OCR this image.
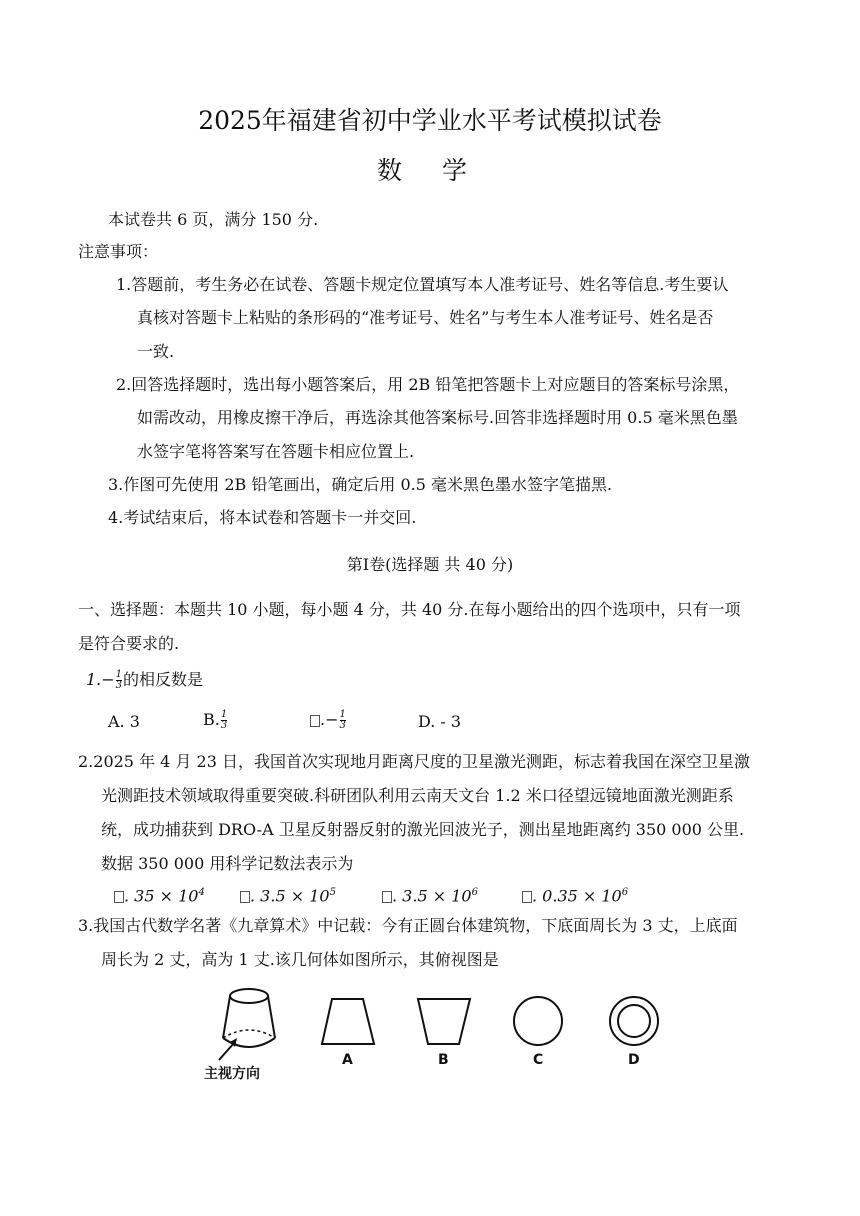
2025年福建省初中学业水平考试模拟试卷
数 学
本试卷共 6 页，满分 150 分.
注意事项：
1.答题前，考生务必在试卷、答题卡规定位置填写本人准考证号、姓名等信息.考生要认
真核对答题卡上粘贴的条形码的“准考证号、姓名”与考生本人准考证号、姓名是否
一致.
2.回答选择题时，选出每小题答案后，用 2B 铅笔把答题卡上对应题目的答案标号涂黑，
如需改动，用橡皮擦干净后，再选涂其他答案标号.回答非选择题时用 0.5 毫米黑色墨
水签字笔将答案写在答题卡相应位置上.
3.作图可先使用 2B 铅笔画出，确定后用 0.5 毫米黑色墨水签字笔描黑.
4.考试结束后，将本试卷和答题卡一并交回.
第Ⅰ卷(选择题 共 40 分)
一、选择题：本题共 10 小题，每小题 4 分，共 40 分.在每小题给出的四个选项中，只有一项
是符合要求的.
$1.- \frac{1}{3}$ 的相反数是
A. 3	B. $\frac{1}{3}$	.− $\frac{1}{3}$	D. - 3
2.2025 年 4 月 23 日，我国首次实现地月距离尺度的卫星激光测距，标志着我国在深空卫星激
光测距技术领域取得重要突破.科研团队利用云南天文台 1.2 米口径望远镜地面激光测距系
统，成功捕获到 DRO-A 卫星反射器反射的激光回波光子，测出星地距离约 350 000 公里.
数据 350 000 用科学记数法表示为
. $35 \times 10^4$	. $3.5 \times 10^5$	. $3.5 \times 10^6$	. $0.35 \times 10^6$
3.我国古代数学名著《九章算术》中记载：今有正圆台体建筑物，下底面周长为 3 丈，上底面
周长为 2 丈，高为 1 丈.该几何体如图所示，其俯视图是
主视方向
A	B	C	D
